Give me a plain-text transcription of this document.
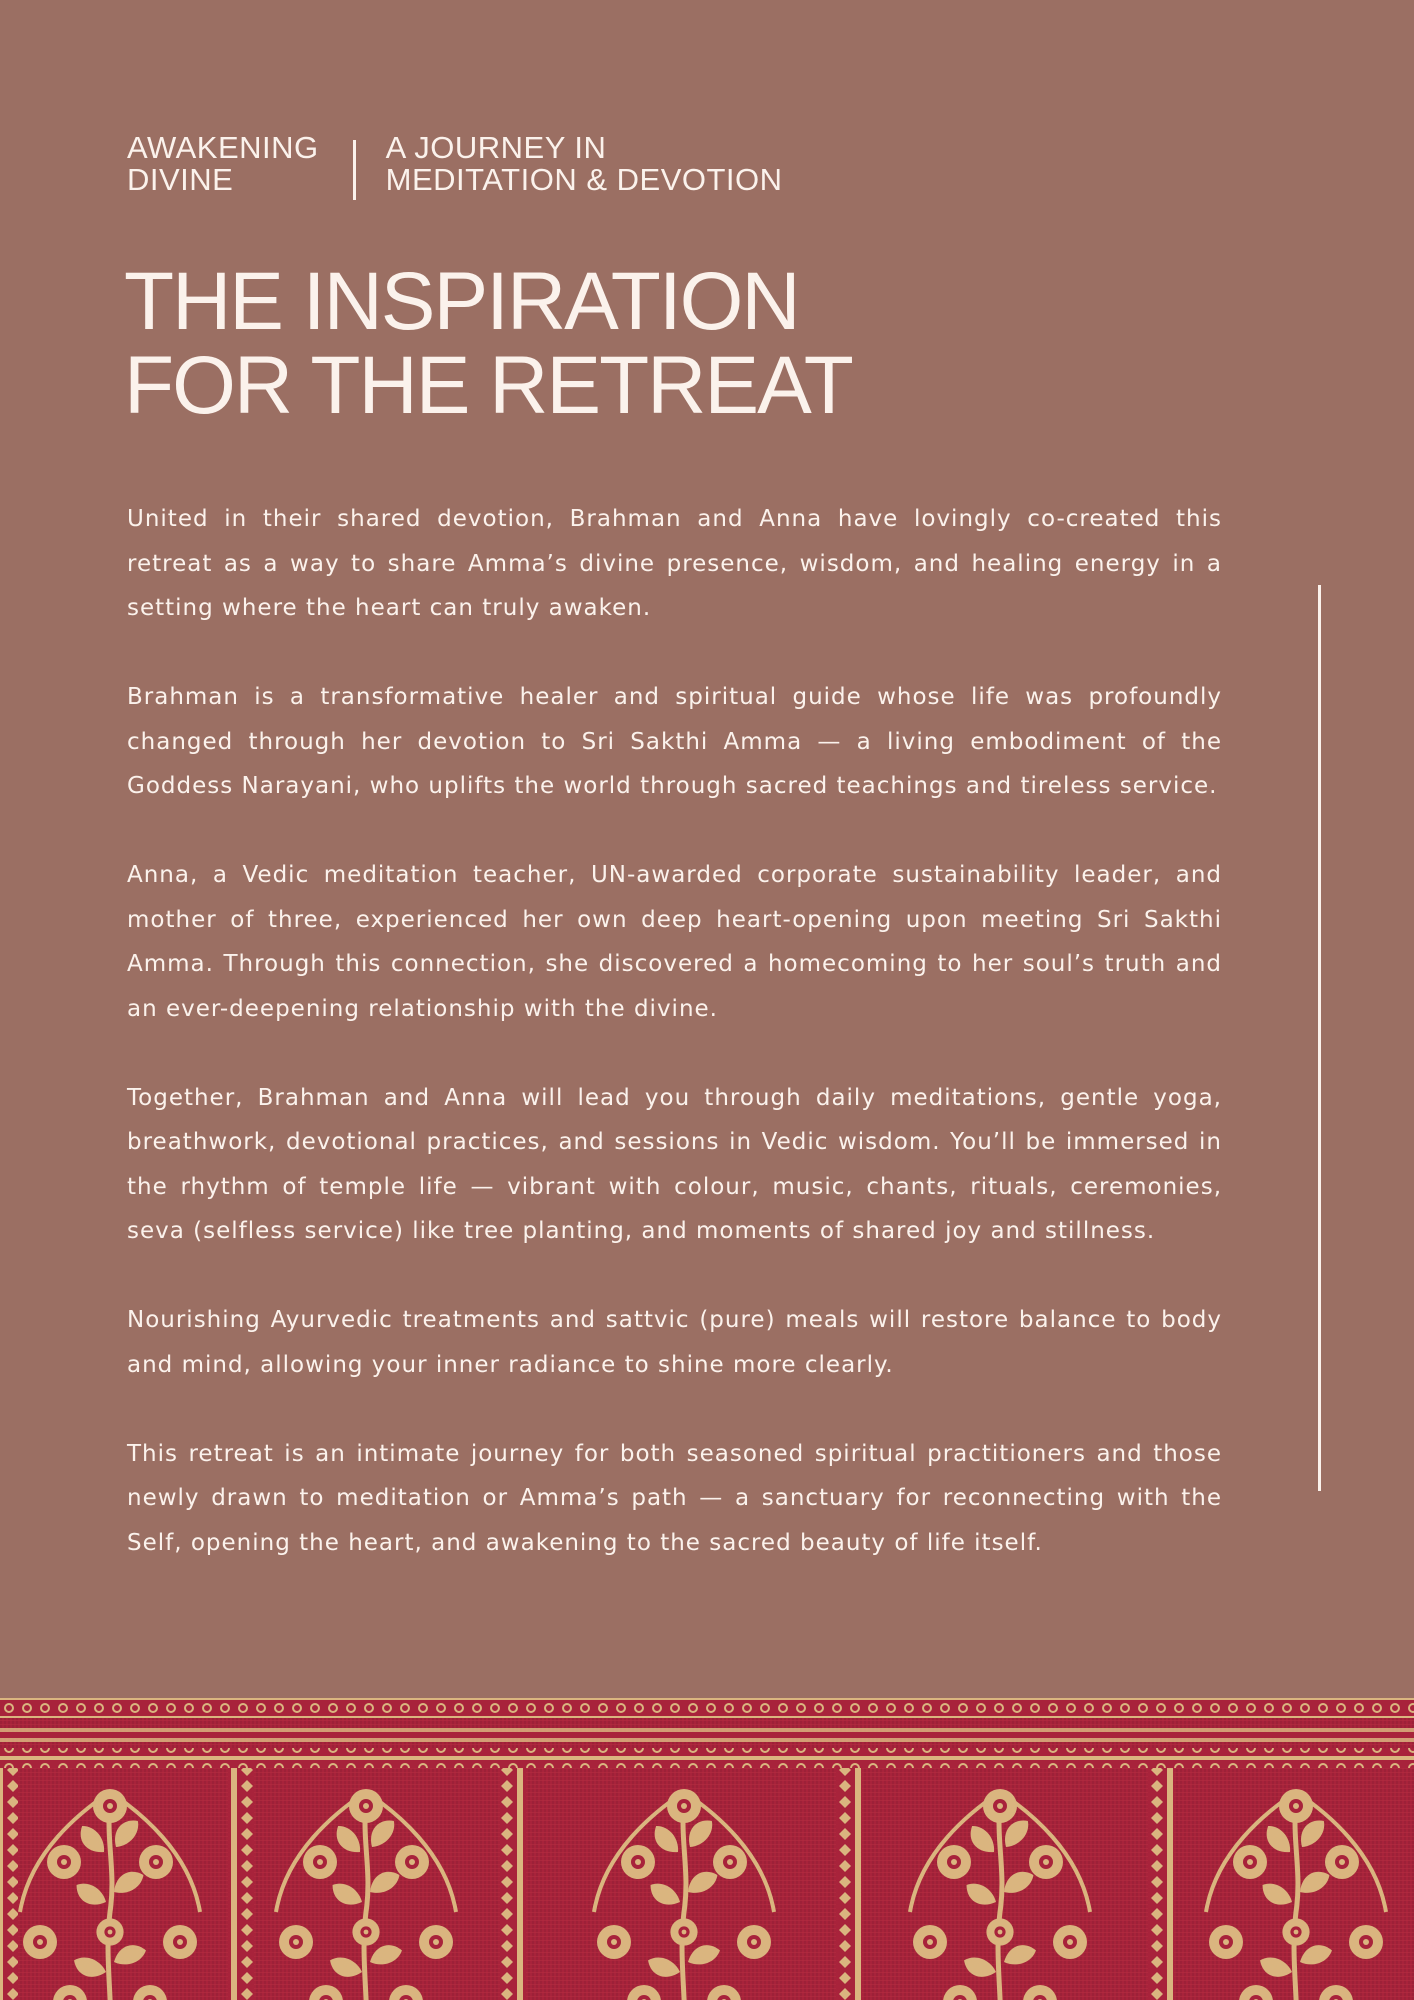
AWAKENING
DIVINE
A JOURNEY IN
MEDITATION & DEVOTION
THE INSPIRATION
FOR THE RETREAT

United in their shared devotion, Brahman and Anna have lovingly co-created this retreat as a way to share Amma’s divine presence, wisdom, and healing energy in a setting where the heart can truly awaken.

Brahman is a transformative healer and spiritual guide whose life was profoundly changed through her devotion to Sri Sakthi Amma — a living embodiment of the Goddess Narayani, who uplifts the world through sacred teachings and tireless service.

Anna, a Vedic meditation teacher, UN-awarded corporate sustainability leader, and mother of three, experienced her own deep heart-opening upon meeting Sri Sakthi Amma. Through this connection, she discovered a homecoming to her soul’s truth and an ever-deepening relationship with the divine.

Together, Brahman and Anna will lead you through daily meditations, gentle yoga, breathwork, devotional practices, and sessions in Vedic wisdom. You’ll be immersed in the rhythm of temple life — vibrant with colour, music, chants, rituals, ceremonies, seva (selfless service) like tree planting, and moments of shared joy and stillness.

Nourishing Ayurvedic treatments and sattvic (pure) meals will restore balance to body and mind, allowing your inner radiance to shine more clearly.

This retreat is an intimate journey for both seasoned spiritual practitioners and those newly drawn to meditation or Amma’s path — a sanctuary for reconnecting with the Self, opening the heart, and awakening to the sacred beauty of life itself.
